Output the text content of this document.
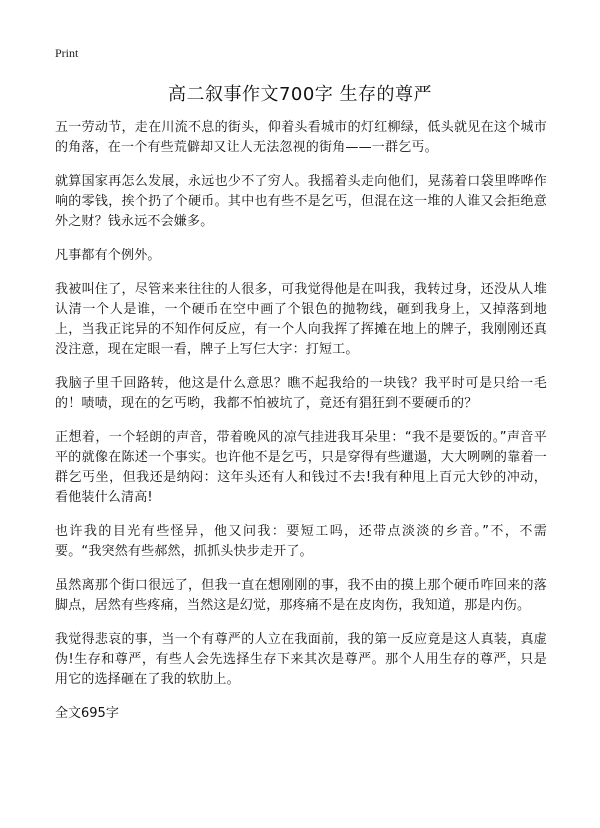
Print
高二叙事作文700字 生存的尊严

五一劳动节，走在川流不息的街头，仰着头看城市的灯红柳绿，低头就见在这个城市的角落，在一个有些荒僻却又让人无法忽视的街角——一群乞丐。

就算国家再怎么发展，永远也少不了穷人。我摇着头走向他们，晃荡着口袋里哗哗作响的零钱，挨个扔了个硬币。其中也有些不是乞丐，但混在这一堆的人谁又会拒绝意外之财？钱永远不会嫌多。

凡事都有个例外。

我被叫住了，尽管来来往往的人很多，可我觉得他是在叫我，我转过身，还没从人堆认清一个人是谁，一个硬币在空中画了个银色的抛物线，砸到我身上，又掉落到地上，当我正诧异的不知作何反应，有一个人向我挥了挥摊在地上的牌子，我刚刚还真没注意，现在定眼一看，牌子上写仨大字：打短工。

我脑子里千回路转，他这是什么意思？瞧不起我给的一块钱？我平时可是只给一毛的！啧啧，现在的乞丐哟，我都不怕被坑了，竟还有猖狂到不要硬币的？

正想着，一个轻朗的声音，带着晚风的凉气挂进我耳朵里：“我不是要饭的。”声音平平的就像在陈述一个事实。也许他不是乞丐，只是穿得有些邋遢，大大咧咧的靠着一群乞丐坐，但我还是纳闷：这年头还有人和钱过不去!我有种甩上百元大钞的冲动，看他装什么清高!

也许我的目光有些怪异，他又问我：要短工吗，还带点淡淡的乡音。”不，不需要。“我突然有些郝然，抓抓头快步走开了。

虽然离那个街口很远了，但我一直在想刚刚的事，我不由的摸上那个硬币咋回来的落脚点，居然有些疼痛，当然这是幻觉，那疼痛不是在皮肉伤，我知道，那是内伤。

我觉得悲哀的事，当一个有尊严的人立在我面前，我的第一反应竟是这人真装，真虚伪!生存和尊严，有些人会先选择生存下来其次是尊严。那个人用生存的尊严，只是用它的选择砸在了我的软肋上。

全文695字
